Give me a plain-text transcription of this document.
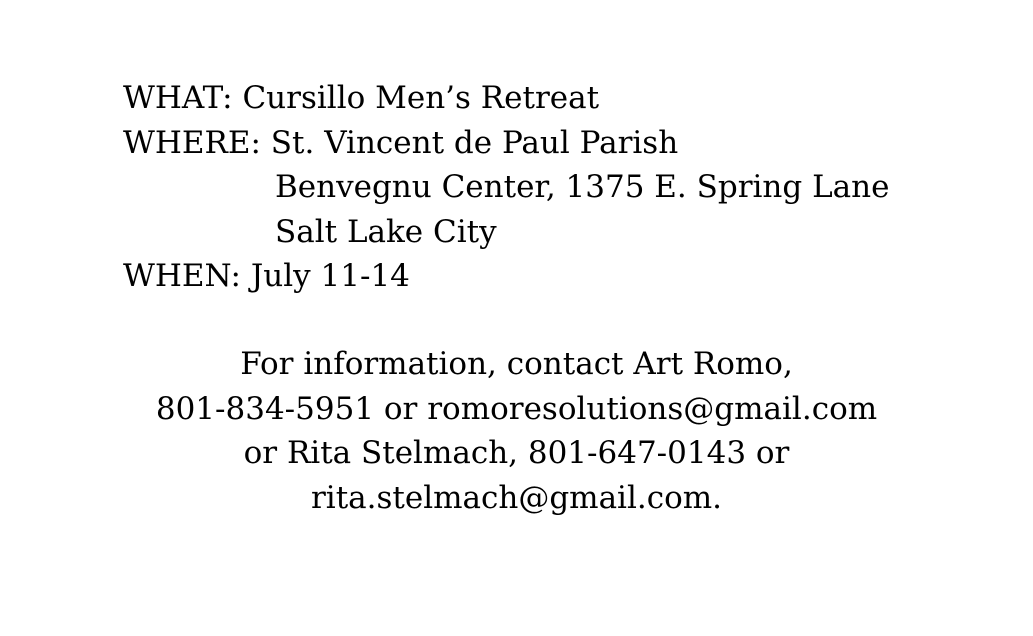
WHAT: Cursillo Men’s Retreat
WHERE: St. Vincent de Paul Parish
Benvegnu Center, 1375 E. Spring Lane
Salt Lake City
WHEN: July 11-14
For information, contact Art Romo,
801-834-5951 or romoresolutions@gmail.com
or Rita Stelmach, 801-647-0143 or
rita.stelmach@gmail.com.
